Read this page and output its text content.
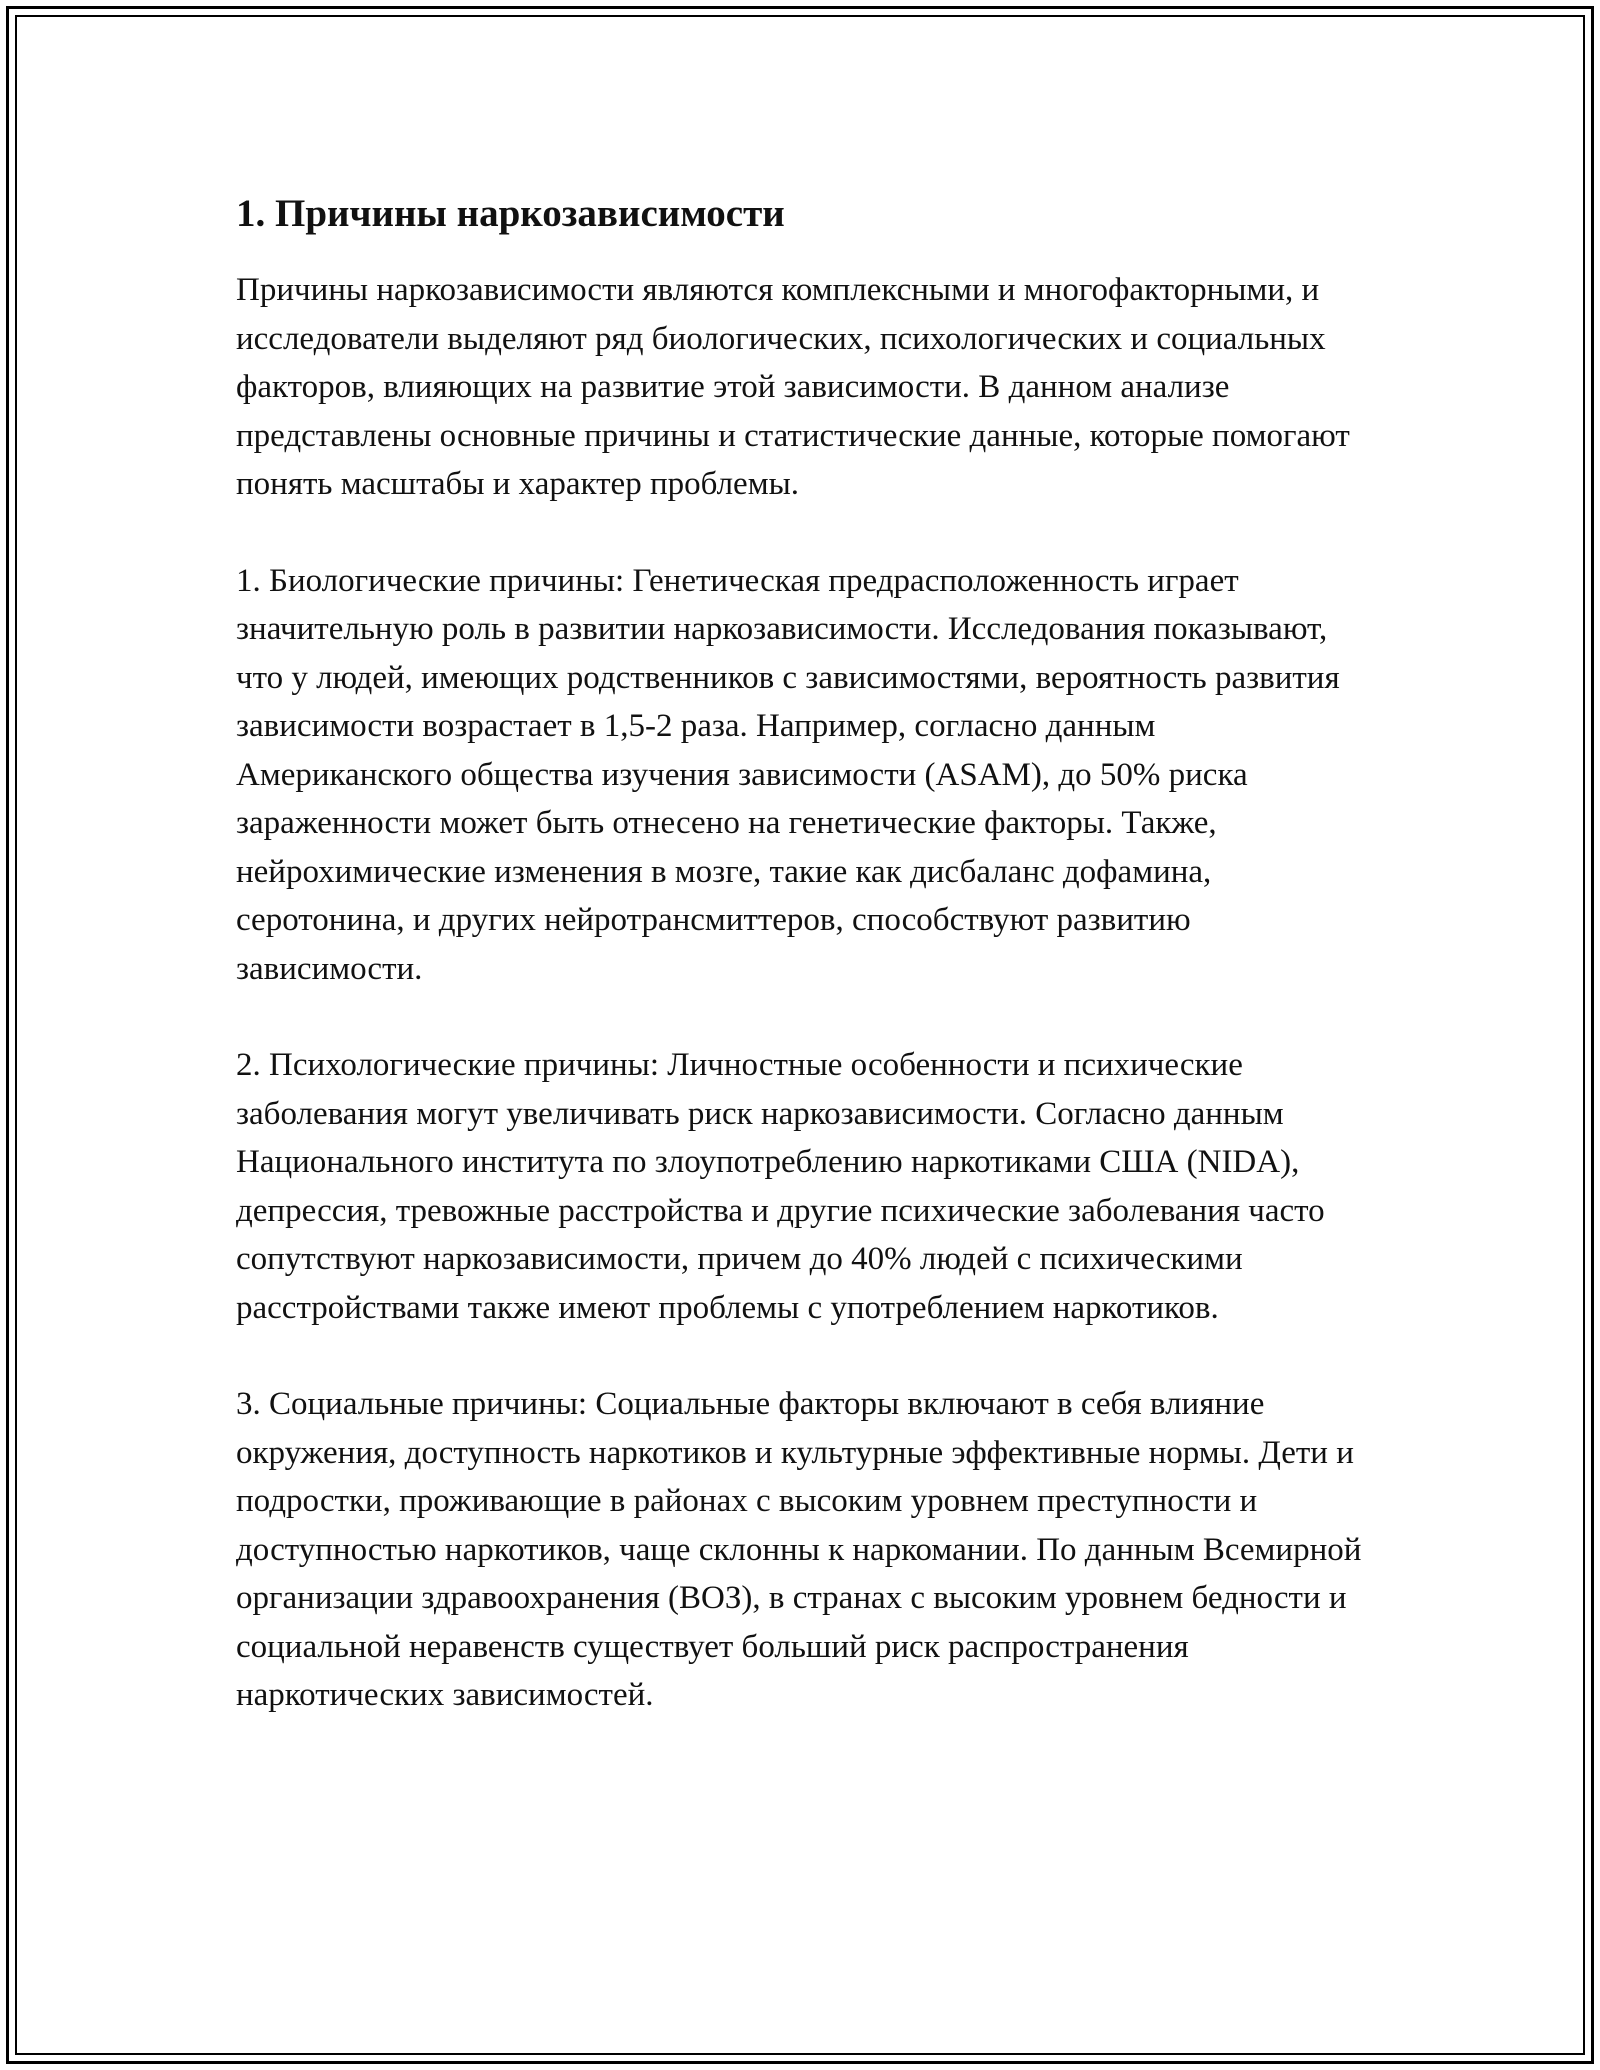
1. Причины наркозависимости

Причины наркозависимости являются комплексными и многофакторными, и исследователи выделяют ряд биологических, психологических и социальных факторов, влияющих на развитие этой зависимости. В данном анализе представлены основные причины и статистические данные, которые помогают понять масштабы и характер проблемы.

1. Биологические причины: Генетическая предрасположенность играет значительную роль в развитии наркозависимости. Исследования показывают, что у людей, имеющих родственников с зависимостями, вероятность развития зависимости возрастает в 1,5-2 раза. Например, согласно данным Американского общества изучения зависимости (ASAM), до 50% риска зараженности может быть отнесено на генетические факторы. Также, нейрохимические изменения в мозге, такие как дисбаланс дофамина, серотонина, и других нейротрансмиттеров, способствуют развитию зависимости.

2. Психологические причины: Личностные особенности и психические заболевания могут увеличивать риск наркозависимости. Согласно данным Национального института по злоупотреблению наркотиками США (NIDA), депрессия, тревожные расстройства и другие психические заболевания часто сопутствуют наркозависимости, причем до 40% людей с психическими расстройствами также имеют проблемы с употреблением наркотиков.

3. Социальные причины: Социальные факторы включают в себя влияние окружения, доступность наркотиков и культурные эффективные нормы. Дети и подростки, проживающие в районах с высоким уровнем преступности и доступностью наркотиков, чаще склонны к наркомании. По данным Всемирной организации здравоохранения (ВОЗ), в странах с высоким уровнем бедности и социальной неравенств существует больший риск распространения наркотических зависимостей.
